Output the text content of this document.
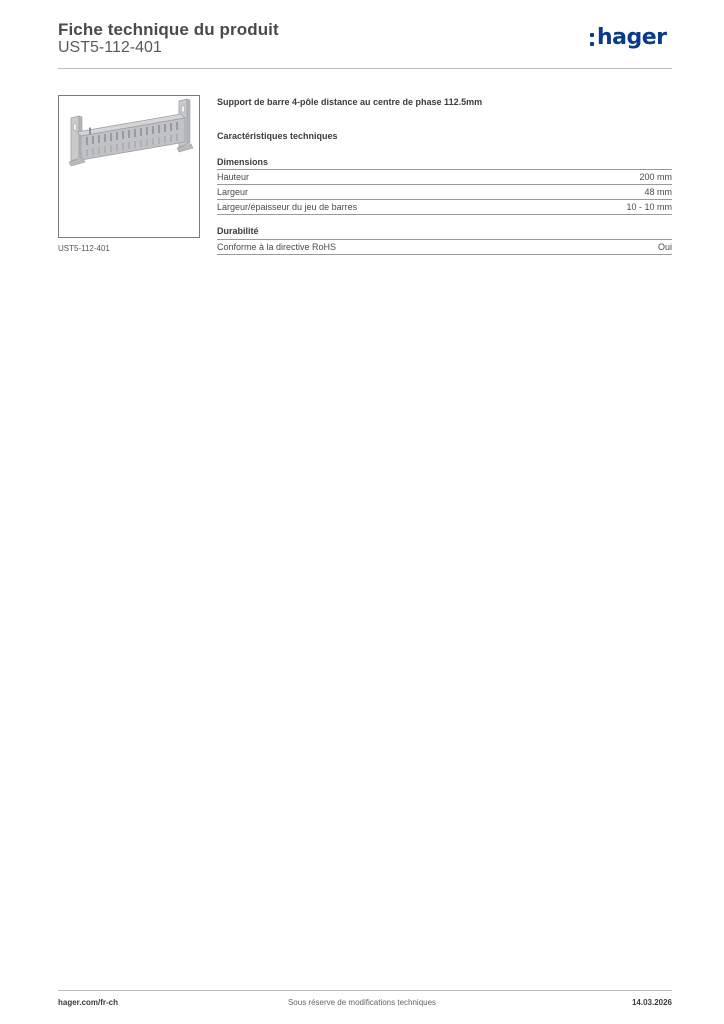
Fiche technique du produit
UST5-112-401	hager
UST5-112-401
Support de barre 4-pôle distance au centre de phase 112.5mm
Caractéristiques techniques
Dimensions
Hauteur	200 mm
Largeur	48 mm
Largeur/épaisseur du jeu de barres	10 - 10 mm
Durabilité
Conforme à la directive RoHS	Oui
hager.com/fr-ch	Sous réserve de modifications techniques	14.03.2026
